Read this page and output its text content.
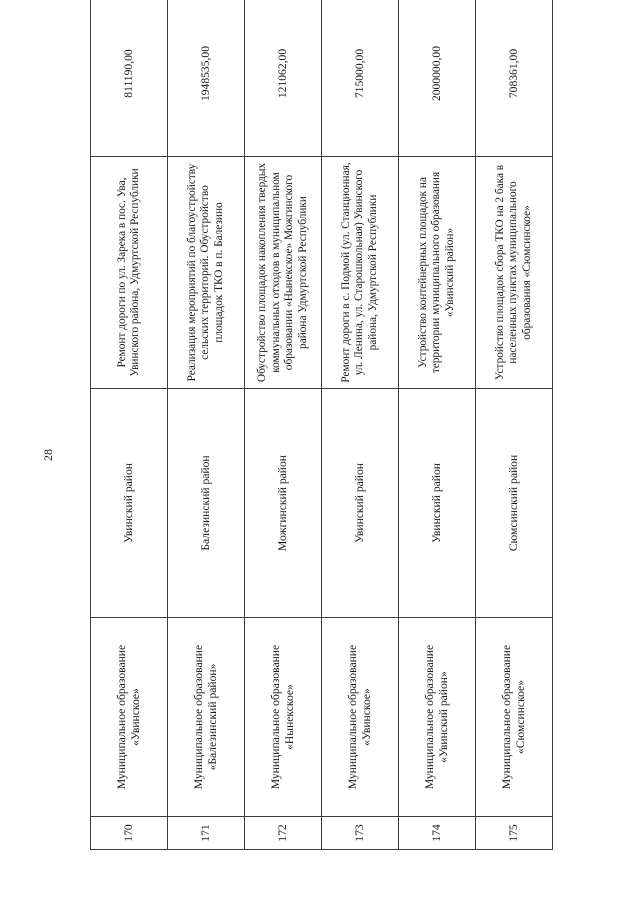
28
170	Муниципальное образование «Увинское»	Увинский район	Ремонт дороги по ул. Зарека в пос. Ува, Увинского района, Удмуртской Республики	811190,00
171	Муниципальное образование «Балезинский район»	Балезинский район	Реализация мероприятий по благоустройству сельских территорий. Обустройство площадок ТКО в п. Балезино	1948535,00
172	Муниципальное образование «Нынекское»	Можгинский район	Обустройство площадок накопления твердых коммунальных отходов в муниципальном образовании «Нынекское» Можгинского района Удмуртской Республики	121062,00
173	Муниципальное образование «Увинское»	Увинский район	Ремонт дороги в с. Подмой (ул. Станционная, ул. Ленина, ул. Старошкольная) Увинского района, Удмуртской Республики	715000,00
174	Муниципальное образование «Увинский район»	Увинский район	Устройство контейнерных площадок на территории муниципального образования «Увинский район»	2000000,00
175	Муниципальное образование «Сюмсинское»	Сюмсинский район	Устройство площадок сбора ТКО на 2 бака в населенных пунктах муниципального образования «Сюмсинское»	708361,00
